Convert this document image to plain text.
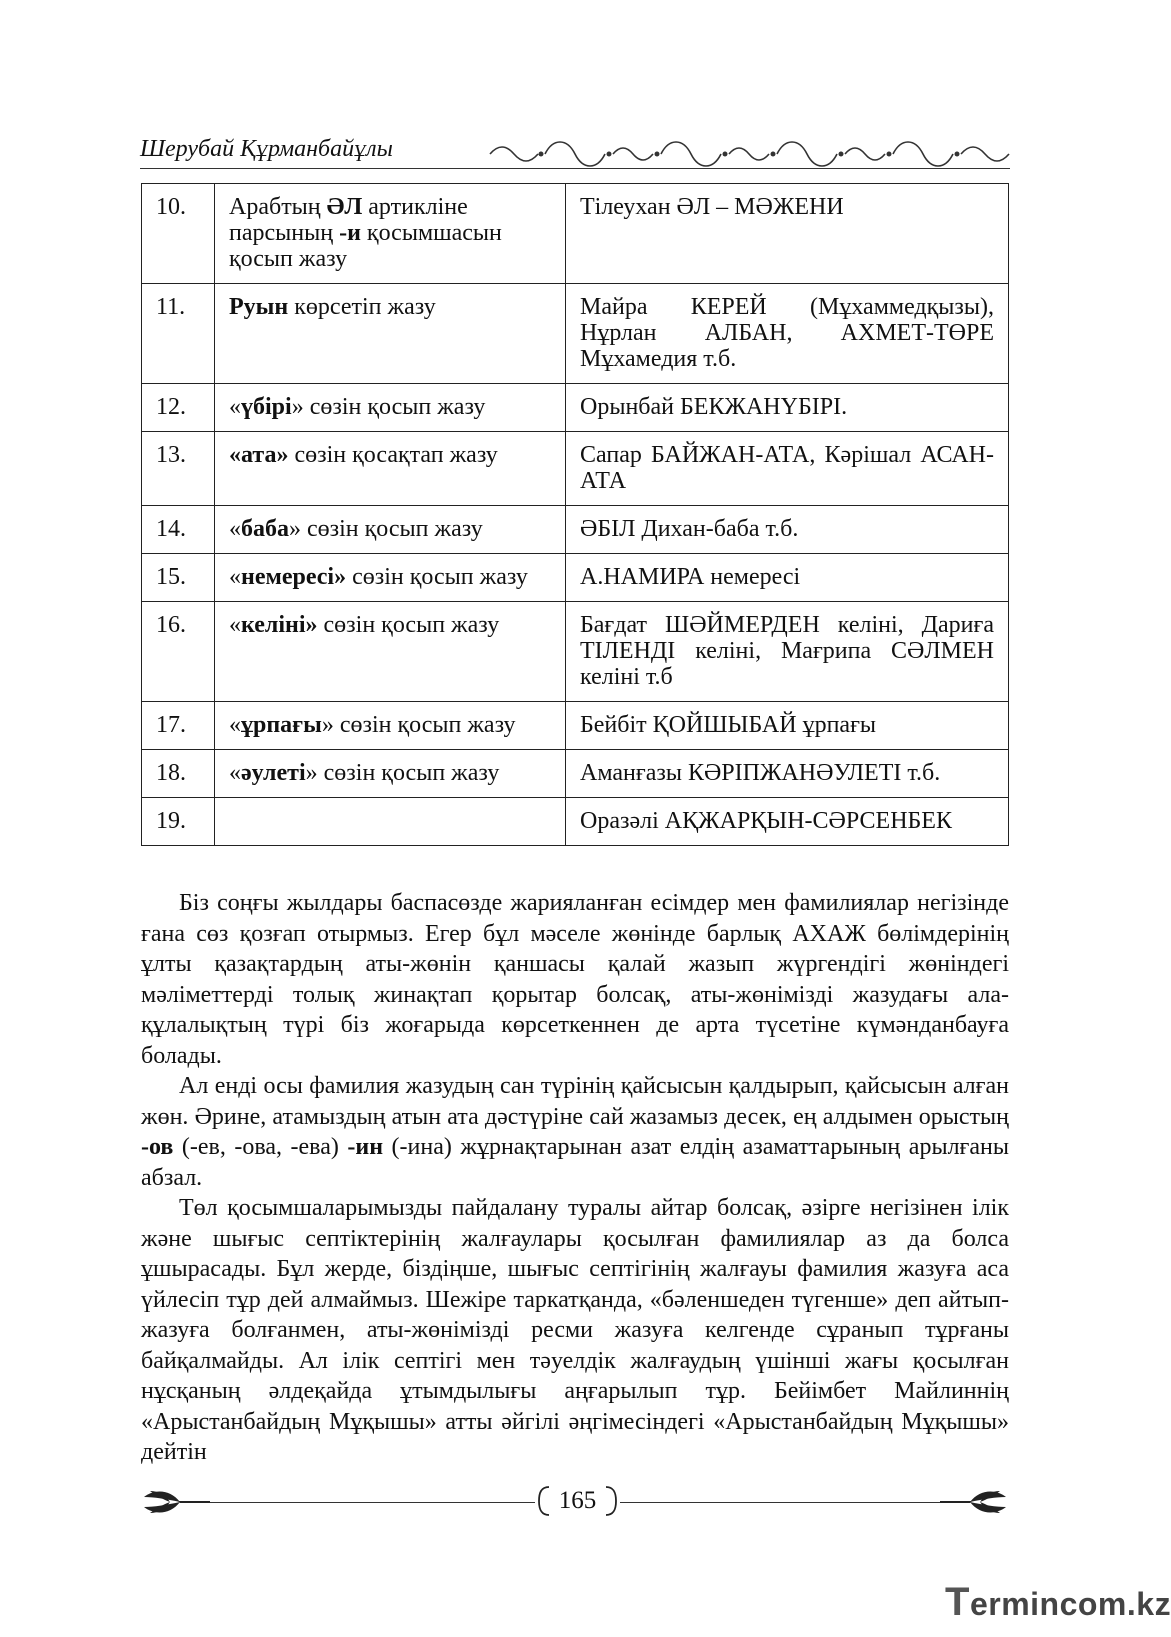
Шерубай Құрманбайұлы
10.	Арабтың ӘЛ артикліне парсының -и қосымшасын қосып жазу	Тілеухан ӘЛ – МӘЖЕНИ
11.	Руын көрсетіп жазу	Майра КЕРЕЙ (Мұхаммедқызы), Нұрлан АЛБАН, АХМЕТ-ТӨРЕ Мұхамедия т.б.
12.	«үбірі» сөзін қосып жазу	Орынбай БЕКЖАНҮБІРІ.
13.	«ата» сөзін қосақтап жазу	Сапар БАЙЖАН-АТА, Кәрішал АСАН-АТА
14.	«баба» сөзін қосып жазу	ӘБІЛ Дихан-баба т.б.
15.	«немересі» сөзін қосып жазу	А.НАМИРА немересі
16.	«келіні» сөзін қосып жазу	Бағдат ШӘЙМЕРДЕН келіні, Дариға ТІЛЕНДІ келіні, Мағрипа СӘЛМЕН келіні т.б
17.	«ұрпағы» сөзін қосып жазу	Бейбіт ҚОЙШЫБАЙ ұрпағы
18.	«әулеті» сөзін қосып жазу	Аманғазы КӘРІПЖАНӘУЛЕТІ т.б.
19.		Оразәлі АҚЖАРҚЫН-СӘРСЕНБЕК

Біз соңғы жылдары баспасөзде жарияланған есімдер мен фамилиялар негізінде ғана сөз қозғап отырмыз. Егер бұл мәселе жөнінде барлық АХАЖ бөлімдерінің ұлты қазақтардың аты-жөнін қаншасы қалай жазып жүргендігі жөніндегі мәліметтерді толық жинақтап қорытар болсақ, аты-жөнімізді жазудағы ала-құлалықтың түрі біз жоғарыда көрсеткеннен де арта түсетіне күмәнданбауға болады.

Ал енді осы фамилия жазудың сан түрінің қайсысын қалдырып, қайсысын алған жөн. Әрине, атамыздың атын ата дәстүріне сай жазамыз десек, ең алдымен орыстың -ов (-ев, -ова, -ева) -ин (-ина) жұрнақтарынан азат елдің азаматтарының арылғаны абзал.

Төл қосымшаларымызды пайдалану туралы айтар болсақ, әзірге негізінен ілік және шығыс септіктерінің жалғаулары қосылған фамилиялар аз да болса ұшырасады. Бұл жерде, біздіңше, шығыс септігінің жалғауы фамилия жазуға аса үйлесіп тұр дей алмаймыз. Шежіре таркатқанда, «бәленшеден түгенше» деп айтып-жазуға болғанмен, аты-жөнімізді ресми жазуға келгенде сұранып тұрғаны байқалмайды. Ал ілік септігі мен тәуелдік жалғаудың үшінші жағы қосылған нұсқаның әлдеқайда ұтымдылығы аңғарылып тұр. Бейімбет Майлиннің «Арыстанбайдың Мұқышы» атты әйгілі әңгімесіндегі «Арыстанбайдың Мұқышы» дейтін

165
Termincom.kz
